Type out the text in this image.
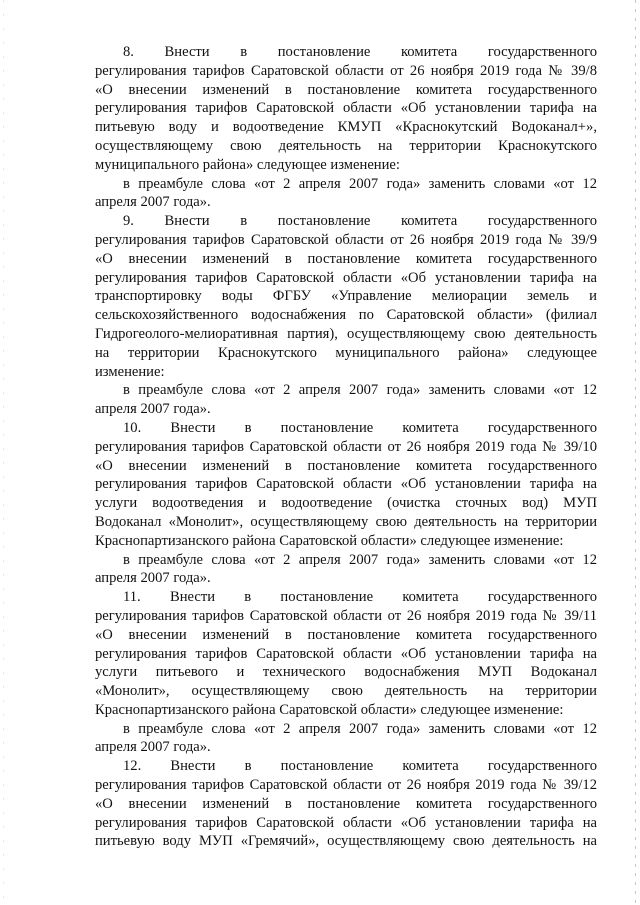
8. Внести в постановление комитета государственного
регулирования тарифов Саратовской области от 26 ноября 2019 года № 39/8
«О внесении изменений в постановление комитета государственного
регулирования тарифов Саратовской области «Об установлении тарифа на
питьевую воду и водоотведение КМУП «Краснокутский Водоканал+»,
осуществляющему свою деятельность на территории Краснокутского
муниципального района» следующее изменение:
в преамбуле слова «от 2 апреля 2007 года» заменить словами «от 12
апреля 2007 года».
9. Внести в постановление комитета государственного
регулирования тарифов Саратовской области от 26 ноября 2019 года № 39/9
«О внесении изменений в постановление комитета государственного
регулирования тарифов Саратовской области «Об установлении тарифа на
транспортировку воды ФГБУ «Управление мелиорации земель и
сельскохозяйственного водоснабжения по Саратовской области» (филиал
Гидрогеолого-мелиоративная партия), осуществляющему свою деятельность
на территории Краснокутского муниципального района» следующее
изменение:
в преамбуле слова «от 2 апреля 2007 года» заменить словами «от 12
апреля 2007 года».
10. Внести в постановление комитета государственного
регулирования тарифов Саратовской области от 26 ноября 2019 года № 39/10
«О внесении изменений в постановление комитета государственного
регулирования тарифов Саратовской области «Об установлении тарифа на
услуги водоотведения и водоотведение (очистка сточных вод) МУП
Водоканал «Монолит», осуществляющему свою деятельность на территории
Краснопартизанского района Саратовской области» следующее изменение:
в преамбуле слова «от 2 апреля 2007 года» заменить словами «от 12
апреля 2007 года».
11. Внести в постановление комитета государственного
регулирования тарифов Саратовской области от 26 ноября 2019 года № 39/11
«О внесении изменений в постановление комитета государственного
регулирования тарифов Саратовской области «Об установлении тарифа на
услуги питьевого и технического водоснабжения МУП Водоканал
«Монолит», осуществляющему свою деятельность на территории
Краснопартизанского района Саратовской области» следующее изменение:
в преамбуле слова «от 2 апреля 2007 года» заменить словами «от 12
апреля 2007 года».
12. Внести в постановление комитета государственного
регулирования тарифов Саратовской области от 26 ноября 2019 года № 39/12
«О внесении изменений в постановление комитета государственного
регулирования тарифов Саратовской области «Об установлении тарифа на
питьевую воду МУП «Гремячий», осуществляющему свою деятельность на
